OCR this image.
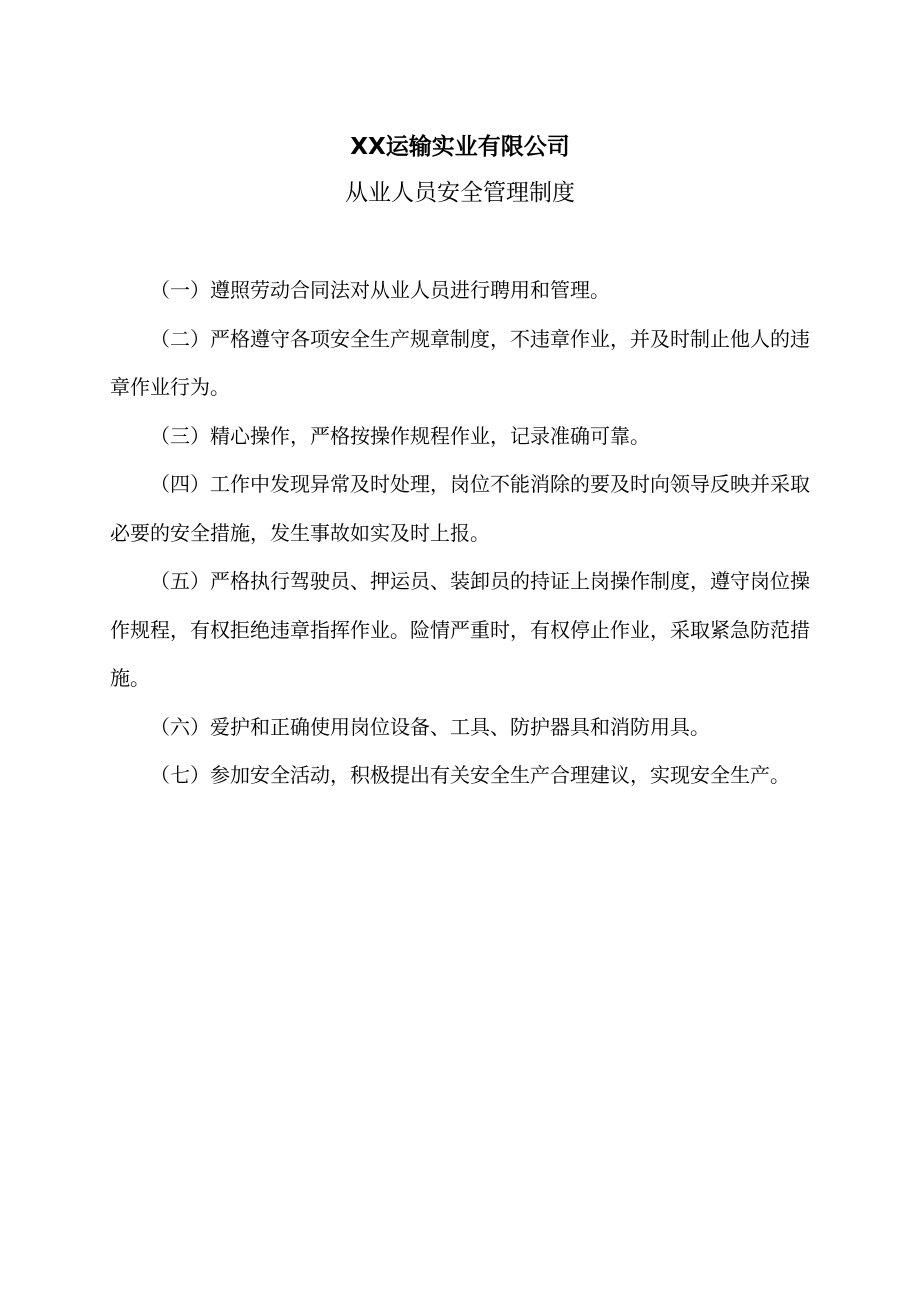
XX运输实业有限公司
从业人员安全管理制度

（一）遵照劳动合同法对从业人员进行聘用和管理。

（二）严格遵守各项安全生产规章制度，不违章作业，并及时制止他人的违章作业行为。

（三）精心操作，严格按操作规程作业，记录准确可靠。

（四）工作中发现异常及时处理，岗位不能消除的要及时向领导反映并采取必要的安全措施，发生事故如实及时上报。

（五）严格执行驾驶员、押运员、装卸员的持证上岗操作制度，遵守岗位操作规程，有权拒绝违章指挥作业。险情严重时，有权停止作业，采取紧急防范措施。

（六）爱护和正确使用岗位设备、工具、防护器具和消防用具。

（七）参加安全活动，积极提出有关安全生产合理建议，实现安全生产。
